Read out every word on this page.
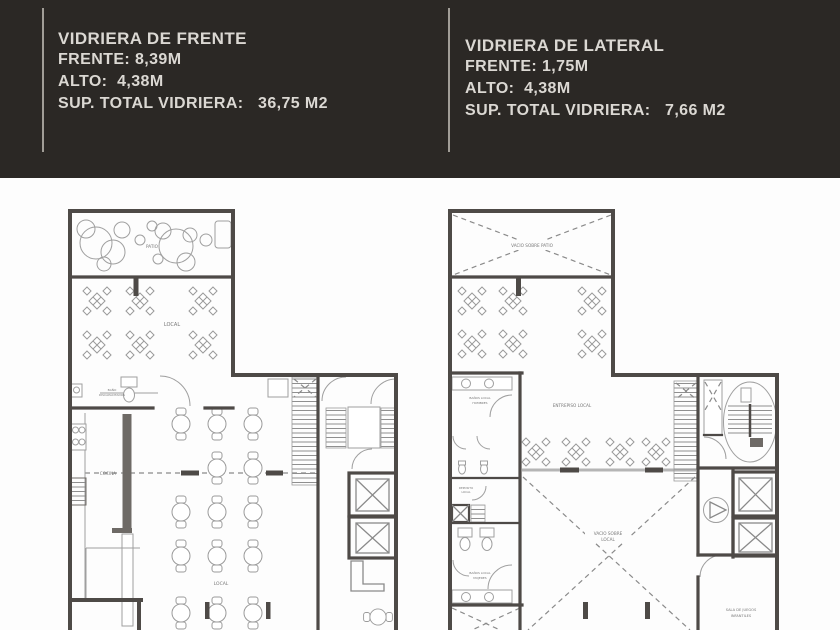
VIDRIERA DE FRENTE
FRENTE: 8,39M
ALTO:  4,38M
SUP. TOTAL VIDRIERA:   36,75 M2
VIDRIERA DE LATERAL
FRENTE: 1,75M
ALTO:  4,38M
SUP. TOTAL VIDRIERA:   7,66 M2
PATIO
LOCAL
BAÑO
DISCAPACITADOS
COCINA
LOCAL
VACIO SOBRE PATIO
BAÑOS LOCAL
HOMBRES
DEPOSITO
LOCAL
ENTREPISO LOCAL
VACIO SOBRE
LOCAL
BAÑOS LOCAL
MUJERES
SALA DE JUEGOS
INFANTILES
